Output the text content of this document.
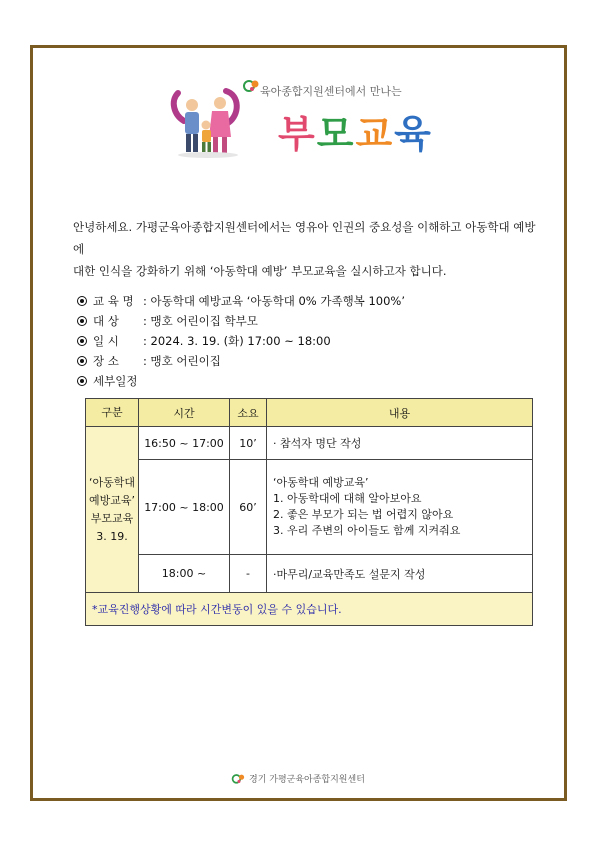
육아종합지원센터에서 만나는
부모교육
안녕하세요. 가평군육아종합지원센터에서는 영유아 인권의 중요성을 이해하고 아동학대 예방에
대한 인식을 강화하기 위해 ‘아동학대 예방’ 부모교육을 실시하고자 합니다.
교 육 명 : 아동학대 예방교육 ‘아동학대 0% 가족행복 100%’
대 상 : 맹호 어린이집 학부모
일 시 : 2024. 3. 19. (화) 17:00 ~ 18:00
장 소 : 맹호 어린이집
세부일정
구분	시간	소요	내용

‘아동학대
예방교육’
부모교육
3. 19.	16:50 ~ 17:00	10’	· 참석자 명단 작성
	17:00 ~ 18:00	60’	‘아동학대 예방교육’
1. 아동학대에 대해 알아보아요
2. 좋은 부모가 되는 법 어렵지 않아요
3. 우리 주변의 아이들도 함께 지켜줘요

	18:00 ~	-	·마무리/교육만족도 설문지 작성
*교육진행상황에 따라 시간변동이 있을 수 있습니다.			
경기 가평군육아종합지원센터
